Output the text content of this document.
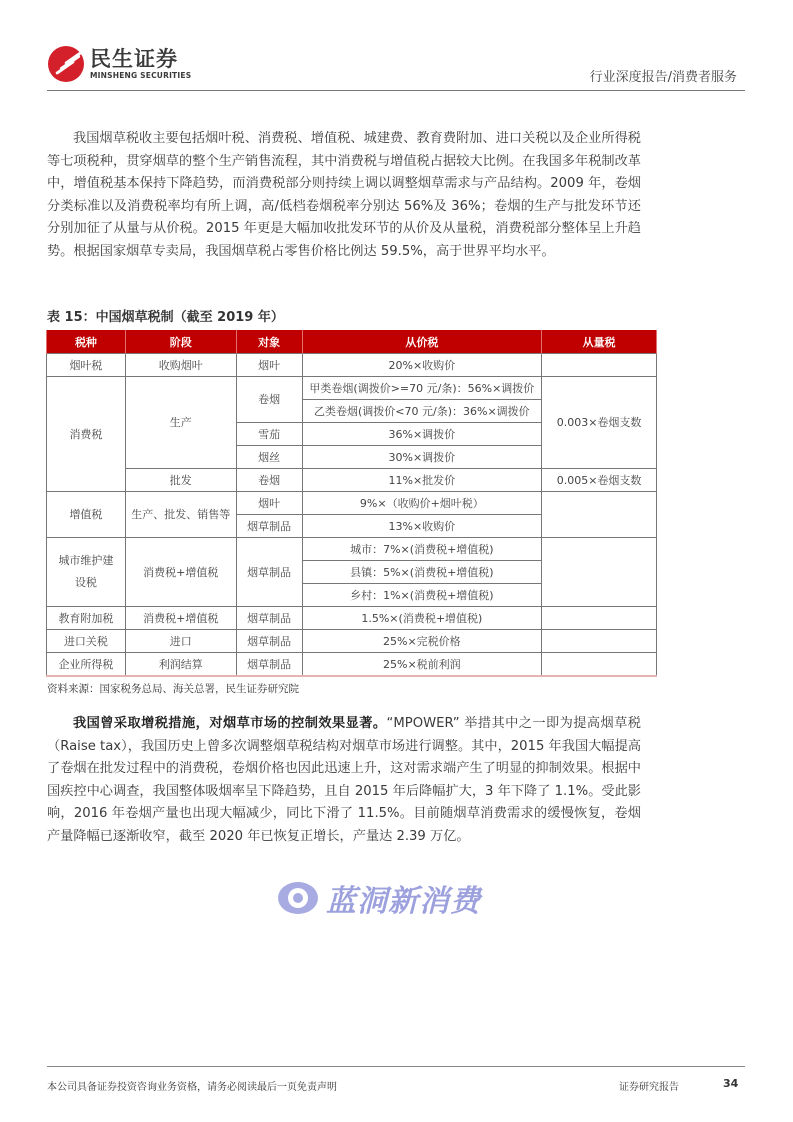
民生证券
MINSHENG SECURITIES	行业深度报告/消费者服务

我国烟草税收主要包括烟叶税、消费税、增值税、城建费、教育费附加、进口关税以及企业所得税等七项税种，贯穿烟草的整个生产销售流程，其中消费税与增值税占据较大比例。在我国多年税制改革中，增值税基本保持下降趋势，而消费税部分则持续上调以调整烟草需求与产品结构。2009 年，卷烟分类标准以及消费税率均有所上调，高/低档卷烟税率分别达 56%及 36%；卷烟的生产与批发环节还分别加征了从量与从价税。2015 年更是大幅加收批发环节的从价及从量税，消费税部分整体呈上升趋势。根据国家烟草专卖局，我国烟草税占零售价格比例达 59.5%，高于世界平均水平。

表 15：中国烟草税制（截至 2019 年）
税种	阶段	对象	从价税	从量税
烟叶税	收购烟叶	烟叶	20%×收购价	
消费税	生产	卷烟	甲类卷烟(调拨价>=70 元/条)：56%×调拨价	0.003×卷烟支数
			乙类卷烟(调拨价<70 元/条)：36%×调拨价	
		雪茄	36%×调拨价	
		烟丝	30%×调拨价	
	批发	卷烟	11%×批发价	0.005×卷烟支数
增值税	生产、批发、销售等	烟叶	9%×（收购价+烟叶税）	
		烟草制品	13%×收购价	
城市维护建设税	消费税+增值税	烟草制品	城市：7%×(消费税+增值税)	
			县镇：5%×(消费税+增值税)	
			乡村：1%×(消费税+增值税)	
教育附加税	消费税+增值税	烟草制品	1.5%×(消费税+增值税)	
进口关税	进口	烟草制品	25%×完税价格	
企业所得税	利润结算	烟草制品	25%×税前利润	
资料来源：国家税务总局、海关总署，民生证券研究院

我国曾采取增税措施，对烟草市场的控制效果显著。“MPOWER” 举措其中之一即为提高烟草税（Raise tax），我国历史上曾多次调整烟草税结构对烟草市场进行调整。其中，2015 年我国大幅提高了卷烟在批发过程中的消费税，卷烟价格也因此迅速上升，这对需求端产生了明显的抑制效果。根据中国疾控中心调查，我国整体吸烟率呈下降趋势，且自 2015 年后降幅扩大，3 年下降了 1.1%。受此影响，2016 年卷烟产量也出现大幅减少，同比下滑了 11.5%。目前随烟草消费需求的缓慢恢复，卷烟产量降幅已逐渐收窄，截至 2020 年已恢复正增长，产量达 2.39 万亿。

蓝洞新消费
本公司具备证券投资咨询业务资格，请务必阅读最后一页免责声明	证券研究报告	34
